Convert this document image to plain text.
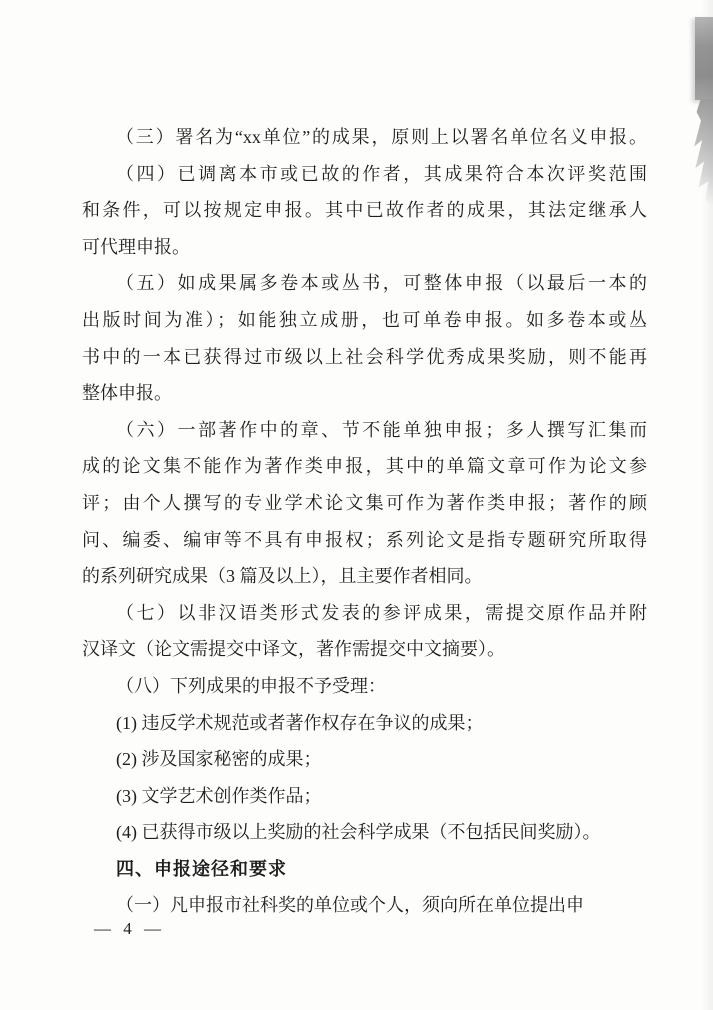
（三）署名为“xx单位”的成果，原则上以署名单位名义申报。
（四）已调离本市或已故的作者，其成果符合本次评奖范围
和条件，可以按规定申报。其中已故作者的成果，其法定继承人
可代理申报。
（五）如成果属多卷本或丛书，可整体申报（以最后一本的
出版时间为准）；如能独立成册，也可单卷申报。如多卷本或丛
书中的一本已获得过市级以上社会科学优秀成果奖励，则不能再
整体申报。
（六）一部著作中的章、节不能单独申报；多人撰写汇集而
成的论文集不能作为著作类申报，其中的单篇文章可作为论文参
评；由个人撰写的专业学术论文集可作为著作类申报；著作的顾
问、编委、编审等不具有申报权；系列论文是指专题研究所取得
的系列研究成果（3 篇及以上），且主要作者相同。
（七）以非汉语类形式发表的参评成果，需提交原作品并附
汉译文（论文需提交中译文，著作需提交中文摘要）。
（八）下列成果的申报不予受理：
(1) 违反学术规范或者著作权存在争议的成果；
(2) 涉及国家秘密的成果；
(3) 文学艺术创作类作品；
(4) 已获得市级以上奖励的社会科学成果（不包括民间奖励）。
四、申报途径和要求
（一）凡申报市社科奖的单位或个人，须向所在单位提出申
— 4 —
